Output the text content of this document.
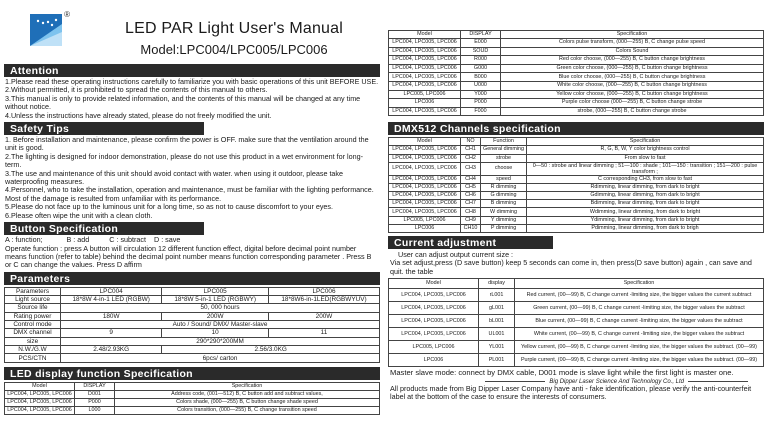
®
LED PAR Light User's Manual
Model:LPC004/LPC005/LPC006
Attention

1.Please read these operating instructions carefully to familiarize you with basic operations of this unit BEFORE USE.

2.Without permitted, it is prohibited to spread the contents of this manual to others.

3.This manual is only to provide related information, and the contents of this manual will be changed at any time without notice.

4.Unless the instructions have already stated, please do not freely modified the unit.

Safety Tips

1. Before installation and maintenance, please confirm the power is OFF. make sure that the ventilation around the unit is good.

2.The lighting is designed for indoor demonstration, please do not use this product in a wet environment for long-term.

3.The use and maintenance of this unit should avoid contact with water. when using it outdoor, please take waterproofing measures.

4.Personnel, who to take the installation, operation and maintenance, must be familiar with the lighting performance. Most of the damage is resulted from unfamiliar with its performance.

5.Please do not face up to the luminous unit for a long time, so as not to cause discomfort to your eyes.

6.Please often wipe the unit with a clean cloth.

Button Specification

A : function;            B : add          C : subtract    D : save

Operate function : press A button will circulation 12 different function effect, digital before decimal point number means function (refer to table) behind the decimal point number means function corresponding parameter . Press B or C can change the values. Press D affirm

Parameters
Parameters	LPC004	LPC005	LPC006
Light source	18*8W 4-in-1 LED (RGBW)	18*8W 5-in-1 LED (RGBWY)	18*8W6-in-1LED(RGBWYUV)
Source life	50, 000 hours		
Rating power	180W	200W	200W
Control mode	Auto / Sound/ DMX/ Master-slave		
DMX channel	9	10	11
size	290*290*200MM		
N.W./G.W	2.48/2.93KG	2.56/3.0KG	
PCS/CTN	6pcs/ carton		
LED display function Specification
Model	DISPLAY	Specification
LPC004, LPC005, LPC006	D001	Address code, (001—512) B, C button add and subtract values,
LPC004, LPC005, LPC006	P000	Colors shade, (000—255) B, C button change shade speed
LPC004, LPC005, LPC006	L000	Colors transition, (000—255) B, C change transition speed
Model	DISPLAY	Specification
LPC004, LPC005, LPC006	E000	Colors pulse transform, (000—255) B, C change pulse speed
LPC004, LPC005, LPC006	SOUD	Colors Sound
LPC004, LPC005, LPC006	R000	Red color choose, (000—255) B, C button change brightness
LPC004, LPC005, LPC006	G000	Green color choose, (000—255) B, C button change brightness
LPC004, LPC005, LPC006	B000	Blue color choose, (000—255) B, C button change brightness
LPC004, LPC005, LPC006	U000	White color choose, (000—255) B, C button change brightness
LPC005, LPC006	Y000	Yellow color choose, (000—255) B, C button change brightness
LPC006	P000	Purple color choose (000—255) B, C button change strobe
LPC004, LPC005, LPC006	F000	strobe, (000—255) B, C button change strobe
DMX512 Channels specification
Model	NO	Function	Specification
LPC004, LPC005, LPC006	CH1	General dimming	R, G, B, W, Y color brightness control
LPC004, LPC005, LPC006	CH2	strobe	From slow to fast
LPC004, LPC005, LPC006	CH3	choose	0—50 : strobe and linear dimming ; 51—100 : shade ; 101—150 : transition ; 151—200 : pulse transform ;
LPC004, LPC005, LPC006	CH4	speed	C corresponding CH3, from slow to fast
LPC004, LPC005, LPC006	CH5	R dimming	Rdimming, linear dimming, from dark to bright
LPC004, LPC005, LPC006	CH6	G dimming	Gdimming, linear dimming, from dark to bright
LPC004, LPC005, LPC006	CH7	B dimming	Bdimming, linear dimming, from dark to bright
LPC004, LPC005, LPC006	CH8	W dimming	Wdimming, linear dimming, from dark to bright
LPC005, LPC006	CH9	Y dimming	Ydimming, linear dimming, from dark to bright
LPC006	CH10	P dimming	Pdimming, linear dimming, from dark to brigh
Current adjustment

User can adjust output current size :

Via set adjust,press (D save button) keep 5 seconds can come in, then press(D save button) again , can save and quit. the table

Model	display	Specification
LPC004, LPC005, LPC006	rL001	Red current, (00—99) B, C change current -limiting size, the bigger values the current subtract
LPC004, LPC005, LPC006	gL001	Green current, (00—99) B, C change current -limiting size, the bigger values the subtract
LPC004, LPC005, LPC006	bL001	Blue current, (00—99) B, C change current -limiting size, the bigger values the subtract
LPC004, LPC005, LPC006	UL001	White current, (00—99) B, C change current -limiting size, the bigger values the subtract
LPC005, LPC006	YL001	Yellow current, (00—99) B, C change current -limiting size, the bigger values the subtract. (00—99)
LPC006	PL001	Purple current, (00—99) B, C change current -limiting size, the bigger values the subtract. (00—99)
Master slave mode: connect by DMX cable, D001 mode is slave light while the first light is master one.
Big Dipper Laser Science And Technology Co., Ltd
All products made from Big Dipper Laser Company have anti - fake identification, please verify the anti-counterfeit label at the bottom of the case to ensure the interests of consumers.
